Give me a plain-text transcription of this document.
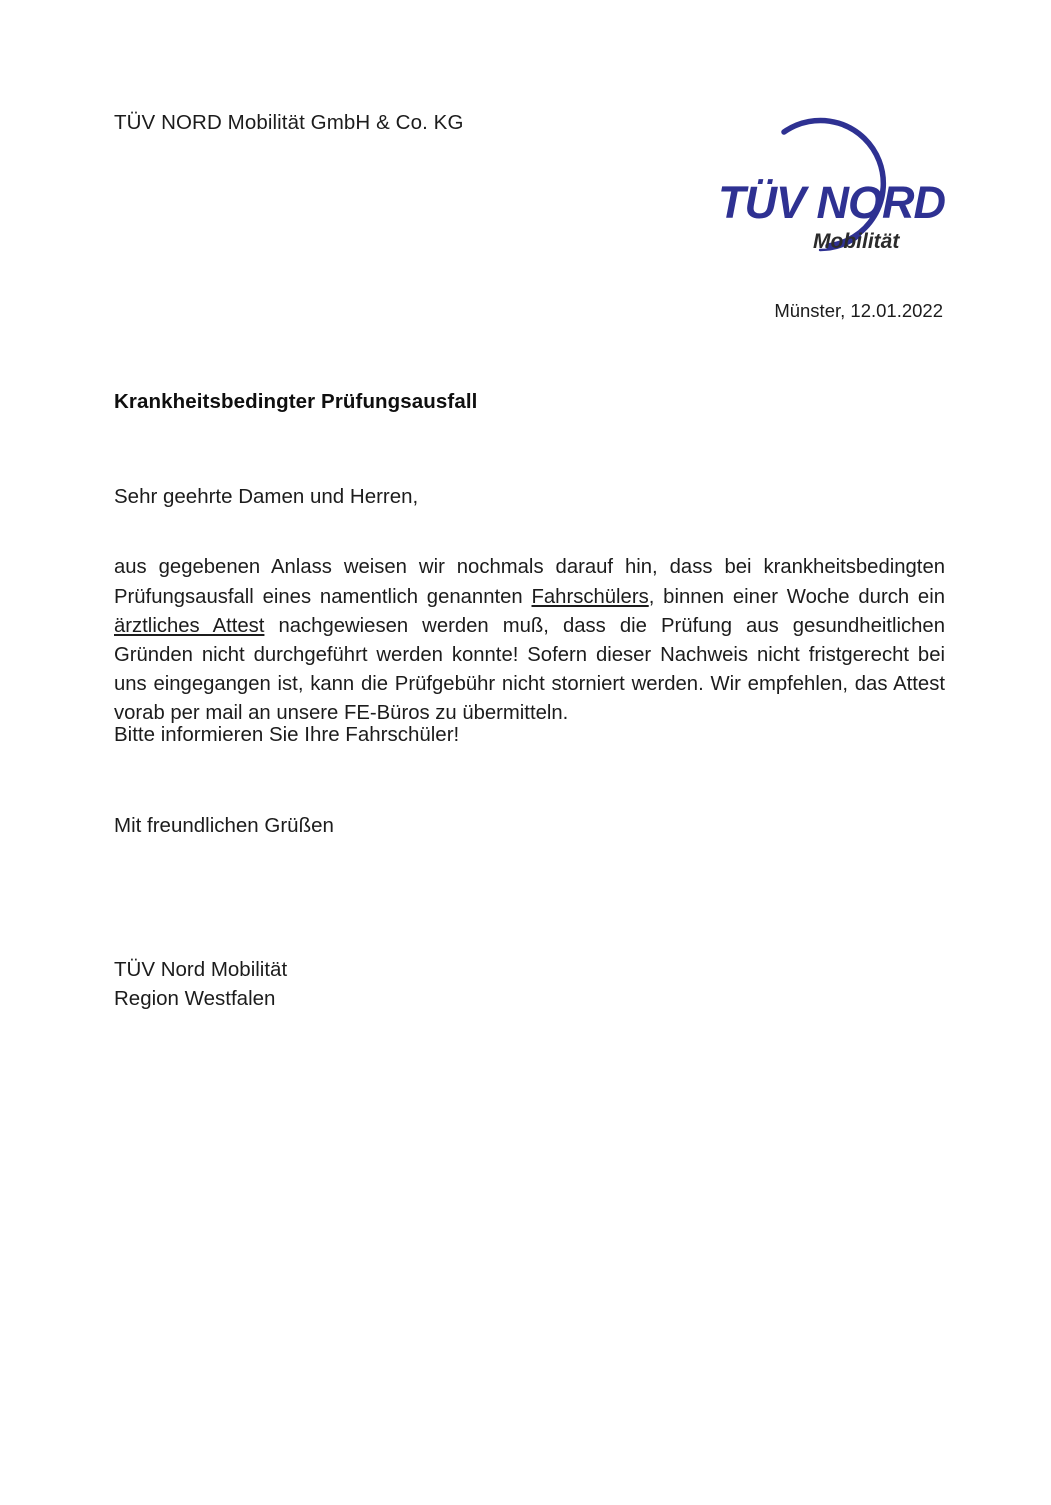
TÜV NORD Mobilität GmbH & Co. KG
TÜV NORD
Mobilität
Münster, 12.01.2022
Krankheitsbedingter Prüfungsausfall
Sehr geehrte Damen und Herren,

aus gegebenen Anlass weisen wir nochmals darauf hin, dass bei krankheitsbedingten Prüfungsausfall eines namentlich genannten Fahrschülers, binnen einer Woche durch ein ärztliches Attest nachgewiesen werden muß, dass die Prüfung aus gesundheitlichen Gründen nicht durchgeführt werden konnte! Sofern dieser Nachweis nicht fristgerecht bei uns eingegangen ist, kann die Prüfgebühr nicht storniert werden. Wir empfehlen, das Attest vorab per mail an unsere FE-Büros zu übermitteln.

Bitte informieren Sie Ihre Fahrschüler!
Mit freundlichen Grüßen
TÜV Nord Mobilität
Region Westfalen
